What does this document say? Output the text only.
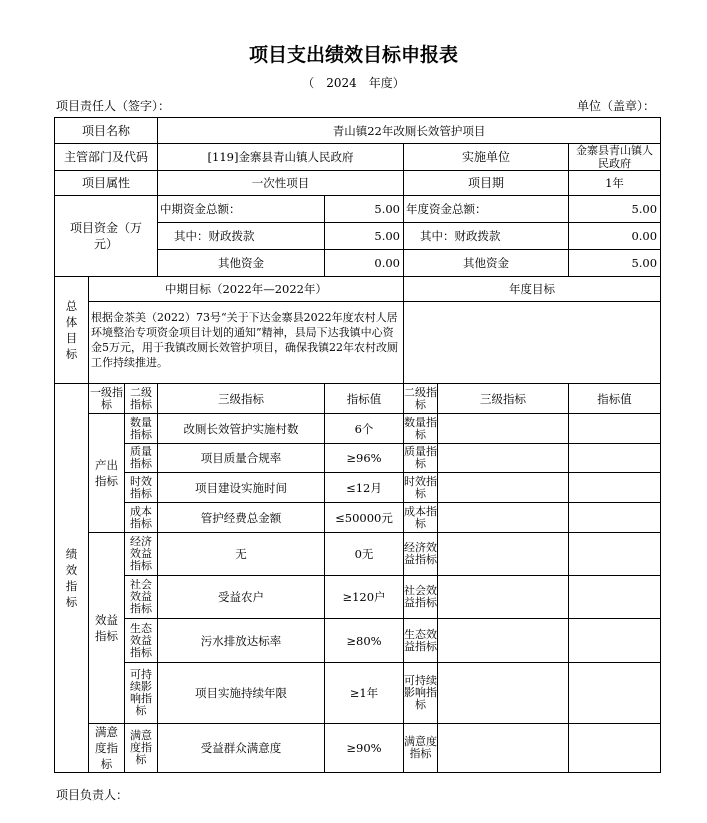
项目支出绩效目标申报表
（　2024　年度）
项目责任人（签字）：	单位（盖章）：
项目名称			青山镇22年改厕长效管护项目				
主管部门及代码			[119]金寨县青山镇人民政府		实施单位		金寨县青山镇人民政府
项目属性			一次性项目		项目期		1年
项目资金（万元）			中期资金总额：	5.00	年度资金总额：		5.00
			其中：财政拨款	5.00	其中：财政拨款		0.00
			其他资金	0.00	其他资金		5.00
总体目标	中期目标（2022年—2022年）				年度目标		
	根据金茶美（2022）73号“关于下达金寨县2022年度农村人居环境整治专项资金项目计划的通知”精神，县局下达我镇中心资金5万元，用于我镇改厕长效管护项目，确保我镇22年农村改厕工作持续推进。						
绩效指标	一级指标	二级指标	三级指标	指标值	二级指标	三级指标	指标值
	产出指标	数量指标	改厕长效管护实施村数	6个	数量指标		
		质量指标	项目质量合规率	≥96%	质量指标		
		时效指标	项目建设实施时间	≤12月	时效指标		
		成本指标	管护经费总金额	≤50000元	成本指标		
	效益指标	经济效益指标	无	0无	经济效益指标		
		社会效益指标	受益农户	≥120户	社会效益指标		
		生态效益指标	污水排放达标率	≥80%	生态效益指标		
		可持续影响指标	项目实施持续年限	≥1年	可持续影响指标		
	满意度指标	满意度指标	受益群众满意度	≥90%	满意度指标		
项目负责人：
